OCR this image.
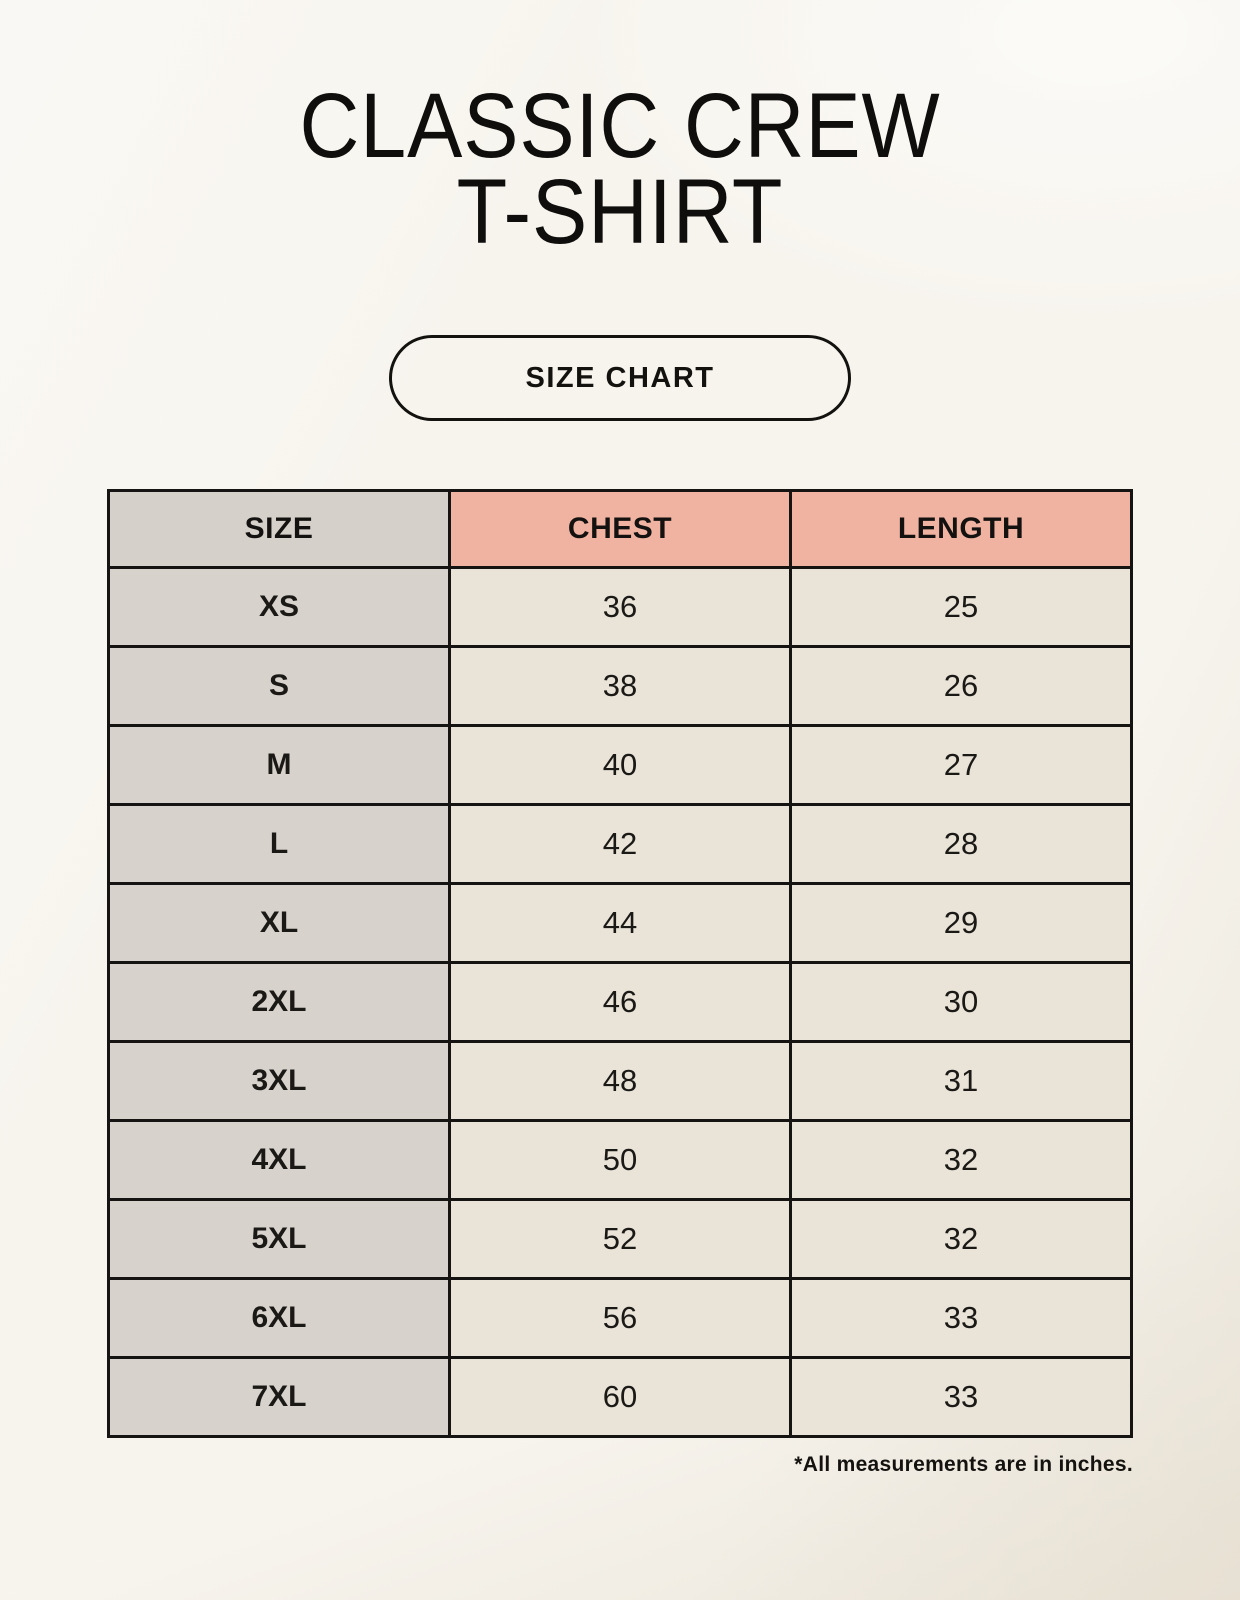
CLASSIC CREW
T-SHIRT
SIZE CHART
SIZE	CHEST	LENGTH
XS	36	25
S	38	26
M	40	27
L	42	28
XL	44	29
2XL	46	30
3XL	48	31
4XL	50	32
5XL	52	32
6XL	56	33
7XL	60	33

*All measurements are in inches.
